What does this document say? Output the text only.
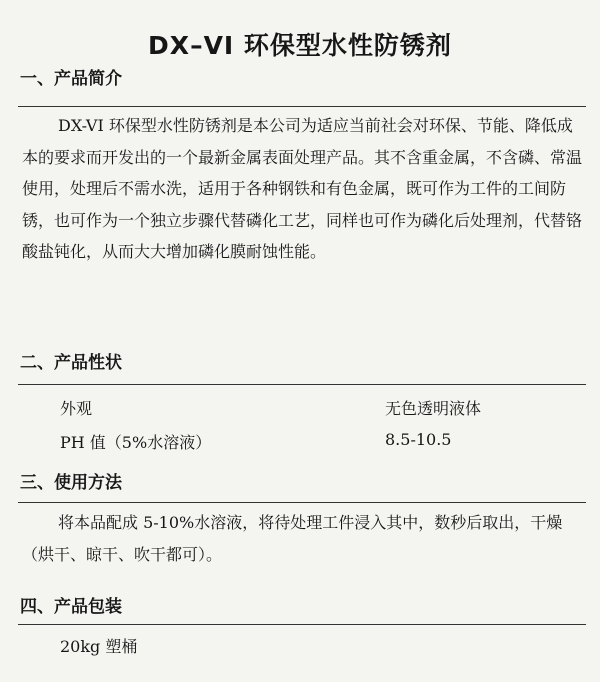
DX–VI 环保型水性防锈剂
一、产品简介
DX-VI 环保型水性防锈剂是本公司为适应当前社会对环保、节能、降低成本的要求而开发出的一个最新金属表面处理产品。其不含重金属，不含磷、常温使用，处理后不需水洗，适用于各种钢铁和有色金属，既可作为工件的工间防锈，也可作为一个独立步骤代替磷化工艺，同样也可作为磷化后处理剂，代替铬酸盐钝化，从而大大增加磷化膜耐蚀性能。
二、产品性状
外观	无色透明液体
PH 值（5%水溶液）	8.5-10.5
三、使用方法
将本品配成 5-10%水溶液，将待处理工件浸入其中，数秒后取出，干燥（烘干、晾干、吹干都可）。
四、产品包装
20kg 塑桶
